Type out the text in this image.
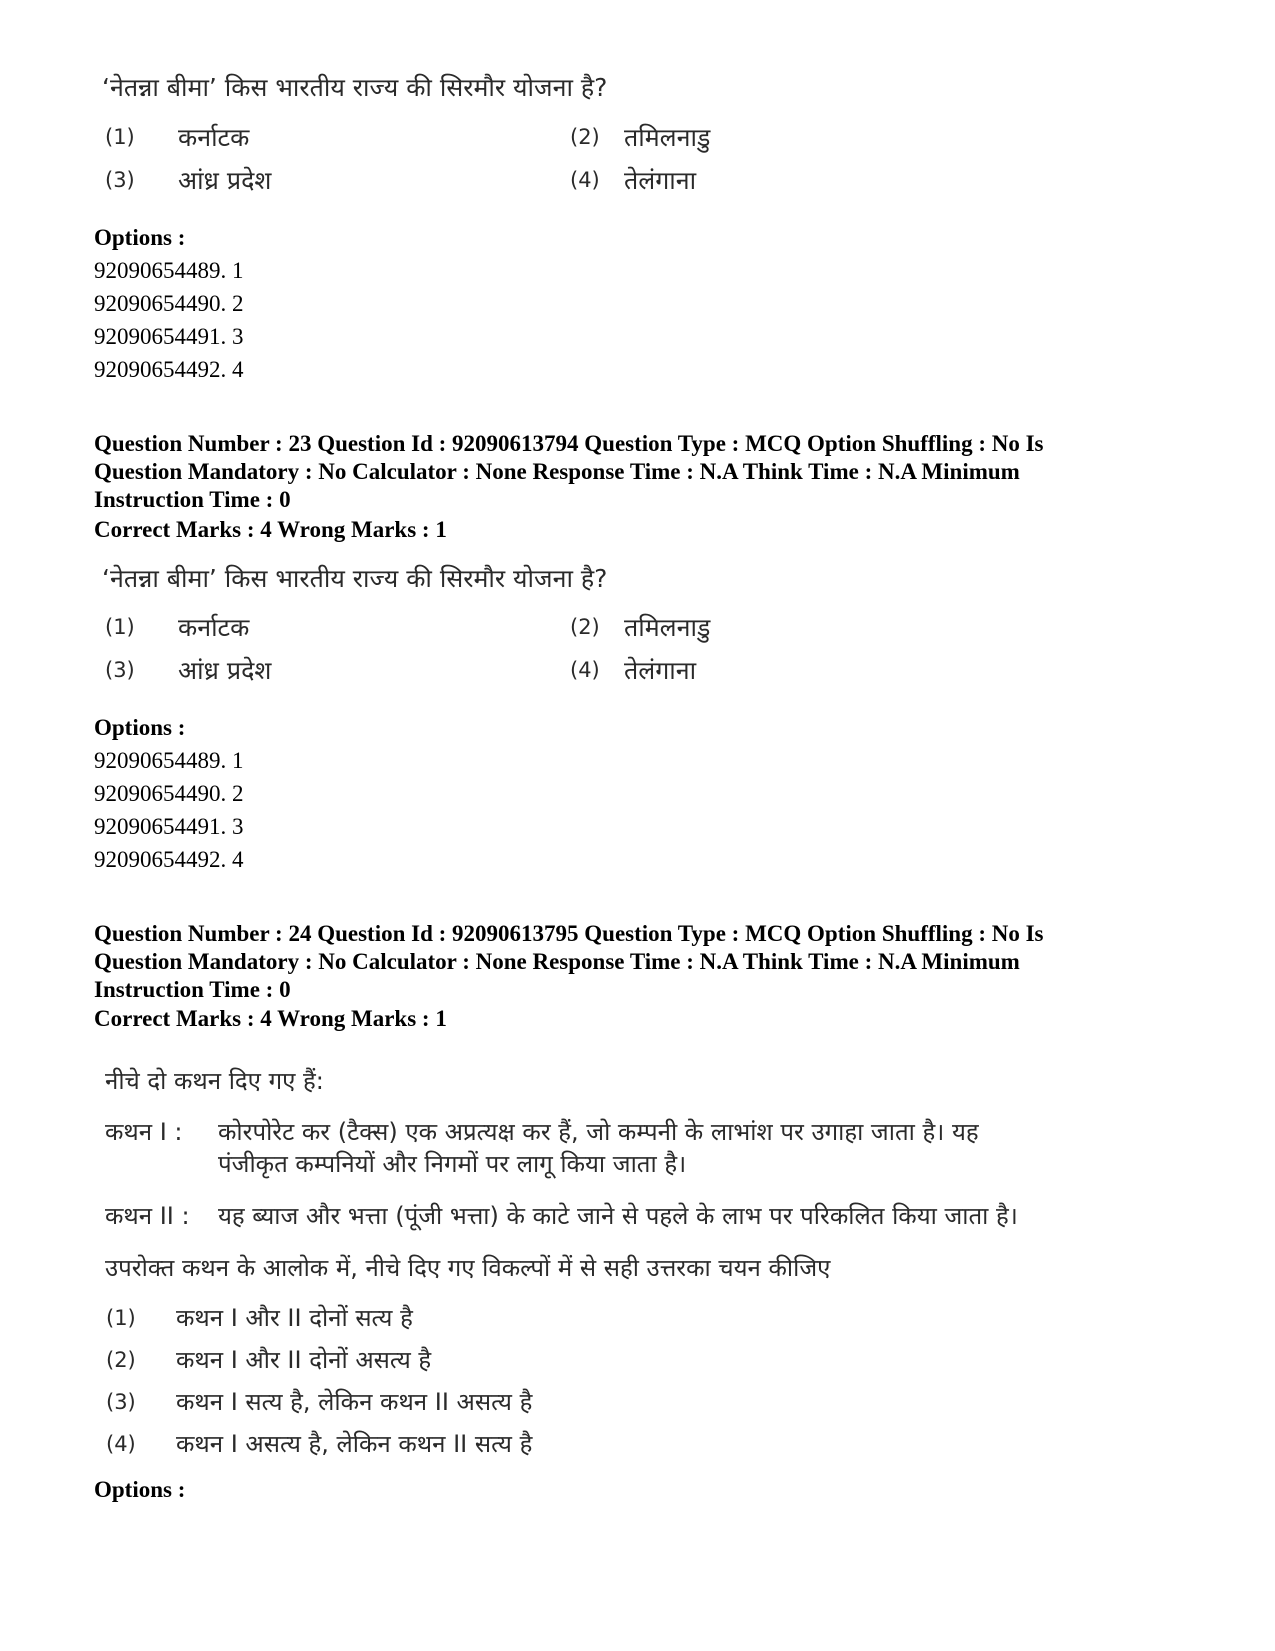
‘नेतन्ना बीमा’ किस भारतीय राज्य की सिरमौर योजना है?
(1) कर्नाटक	(2) तमिलनाडु
(3) आंध्र प्रदेश	(4) तेलंगाना
Options :
92090654489. 1
92090654490. 2
92090654491. 3
92090654492. 4
Question Number : 23 Question Id : 92090613794 Question Type : MCQ Option Shuffling : No Is
Question Mandatory : No Calculator : None Response Time : N.A Think Time : N.A Minimum
Instruction Time : 0
Correct Marks : 4 Wrong Marks : 1
‘नेतन्ना बीमा’ किस भारतीय राज्य की सिरमौर योजना है?
(1) कर्नाटक	(2) तमिलनाडु
(3) आंध्र प्रदेश	(4) तेलंगाना
Options :
92090654489. 1
92090654490. 2
92090654491. 3
92090654492. 4
Question Number : 24 Question Id : 92090613795 Question Type : MCQ Option Shuffling : No Is
Question Mandatory : No Calculator : None Response Time : N.A Think Time : N.A Minimum
Instruction Time : 0
Correct Marks : 4 Wrong Marks : 1
नीचे दो कथन दिए गए हैं:
कथन I : कोरपोरेट कर (टैक्स) एक अप्रत्यक्ष कर हैं, जो कम्पनी के लाभांश पर उगाहा जाता है। यह
पंजीकृत कम्पनियों और निगमों पर लागू किया जाता है।
कथन II : यह ब्याज और भत्ता (पूंजी भत्ता) के काटे जाने से पहले के लाभ पर परिकलित किया जाता है।
उपरोक्त कथन के आलोक में, नीचे दिए गए विकल्पों में से सही उत्तरका चयन कीजिए
(1) कथन I और II दोनों सत्य है
(2) कथन I और II दोनों असत्य है
(3) कथन I सत्य है, लेकिन कथन II असत्य है
(4) कथन I असत्य है, लेकिन कथन II सत्य है
Options :
